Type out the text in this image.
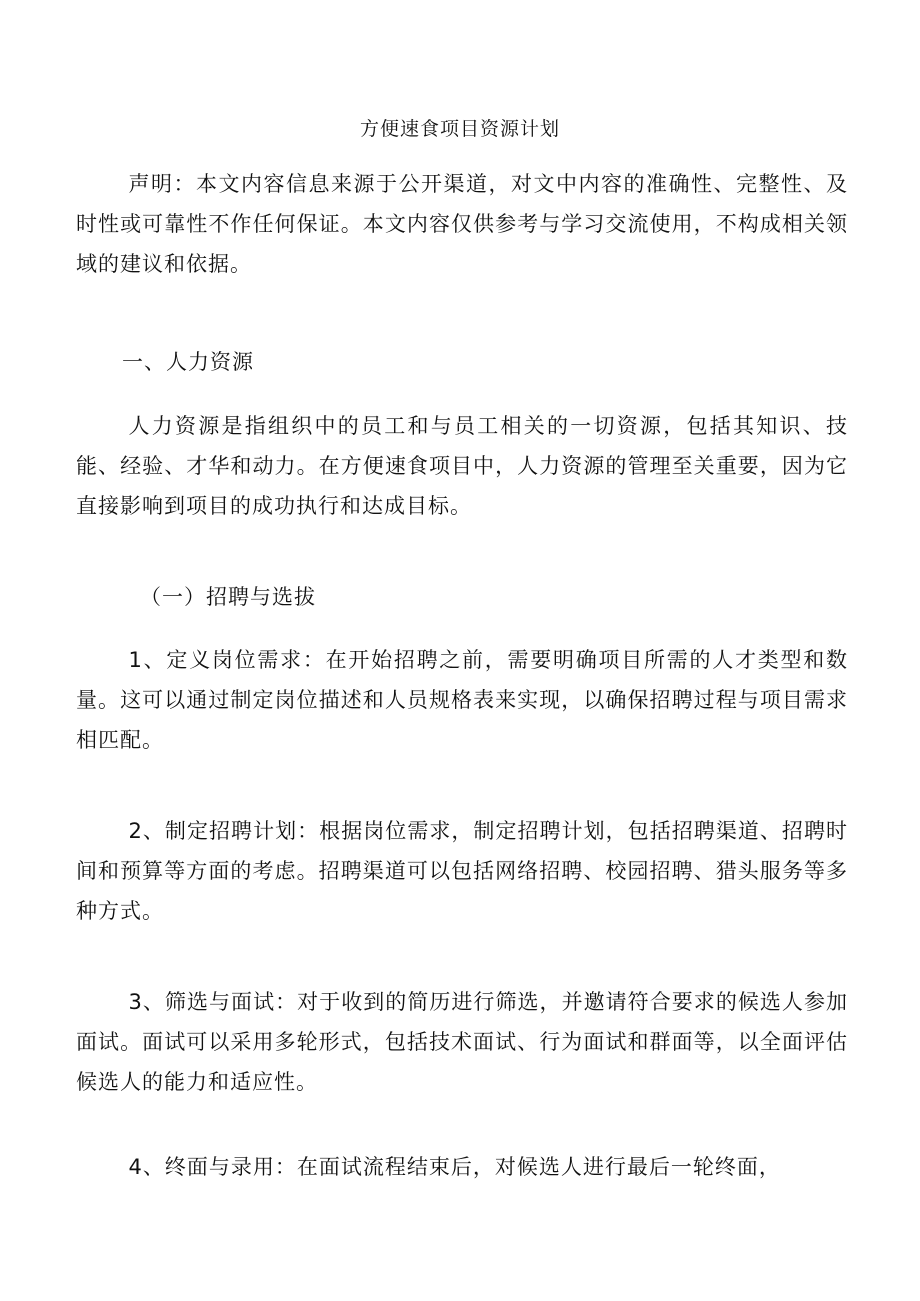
方便速食项目资源计划

声明：本文内容信息来源于公开渠道，对文中内容的准确性、完整性、及时性或可靠性不作任何保证。本文内容仅供参考与学习交流使用，不构成相关领域的建议和依据。

一、人力资源

人力资源是指组织中的员工和与员工相关的一切资源，包括其知识、技能、经验、才华和动力。在方便速食项目中，人力资源的管理至关重要，因为它直接影响到项目的成功执行和达成目标。

（一）招聘与选拔

1、定义岗位需求：在开始招聘之前，需要明确项目所需的人才类型和数量。这可以通过制定岗位描述和人员规格表来实现，以确保招聘过程与项目需求相匹配。

2、制定招聘计划：根据岗位需求，制定招聘计划，包括招聘渠道、招聘时间和预算等方面的考虑。招聘渠道可以包括网络招聘、校园招聘、猎头服务等多种方式。

3、筛选与面试：对于收到的简历进行筛选，并邀请符合要求的候选人参加面试。面试可以采用多轮形式，包括技术面试、行为面试和群面等，以全面评估候选人的能力和适应性。

4、终面与录用：在面试流程结束后，对候选人进行最后一轮终面，
